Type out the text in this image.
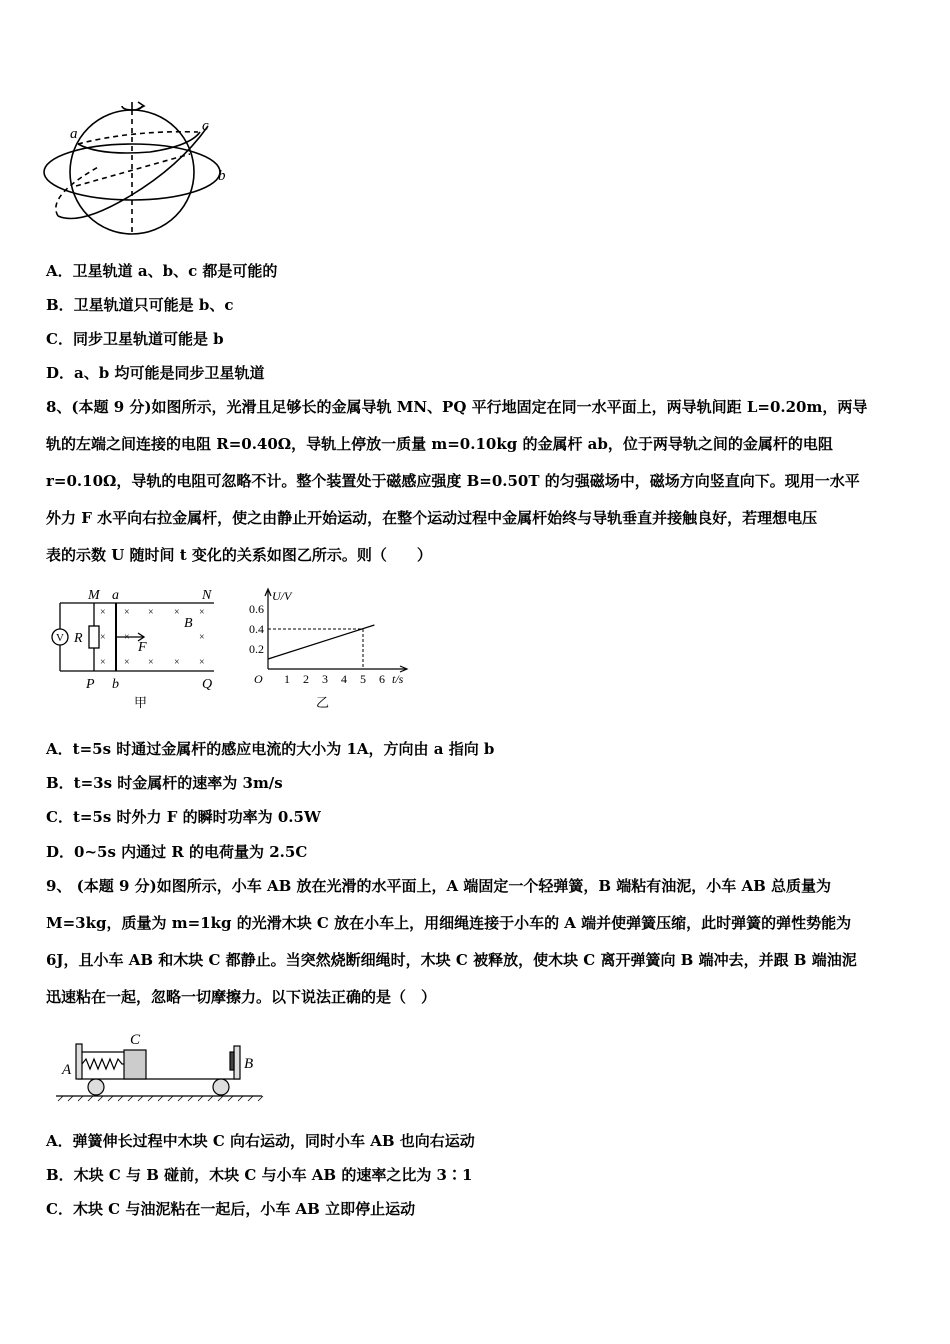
a	c
b
A．卫星轨道 a、b、c 都是可能的
B．卫星轨道只可能是 b、c
C．同步卫星轨道可能是 b
D．a、b 均可能是同步卫星轨道
8、(本题 9 分)如图所示，光滑且足够长的金属导轨 MN、PQ 平行地固定在同一水平面上，两导轨间距 L=0.20m，两导
轨的左端之间连接的电阻 R=0.40Ω，导轨上停放一质量 m=0.10kg 的金属杆 ab，位于两导轨之间的金属杆的电阻
r=0.10Ω，导轨的电阻可忽略不计。整个装置处于磁感应强度 B=0.50T 的匀强磁场中，磁场方向竖直向下。现用一水平
外力 F 水平向右拉金属杆，使之由静止开始运动，在整个运动过程中金属杆始终与导轨垂直并接触良好，若理想电压
表的示数 U 随时间 t 变化的关系如图乙所示。则（　　）
× × × × ×
× ×	×
× × × × ×
V R
F
B
M a	N
P b	Q
甲
U/V
t/s
O
0.6
0.4
0.2
1 2 3 4 5 6
乙
A．t=5s 时通过金属杆的感应电流的大小为 1A，方向由 a 指向 b
B．t=3s 时金属杆的速率为 3m/s
C．t=5s 时外力 F 的瞬时功率为 0.5W
D．0~5s 内通过 R 的电荷量为 2.5C
9、 (本题 9 分)如图所示，小车 AB 放在光滑的水平面上，A 端固定一个轻弹簧，B 端粘有油泥，小车 AB 总质量为
M=3kg，质量为 m=1kg 的光滑木块 C 放在小车上，用细绳连接于小车的 A 端并使弹簧压缩，此时弹簧的弹性势能为
6J，且小车 AB 和木块 C 都静止。当突然烧断细绳时，木块 C 被释放，使木块 C 离开弹簧向 B 端冲去，并跟 B 端油泥
迅速粘在一起，忽略一切摩擦力。以下说法正确的是（　）
A
C
B
A．弹簧伸长过程中木块 C 向右运动，同时小车 AB 也向右运动
B．木块 C 与 B 碰前，木块 C 与小车 AB 的速率之比为 3∶1
C．木块 C 与油泥粘在一起后，小车 AB 立即停止运动
